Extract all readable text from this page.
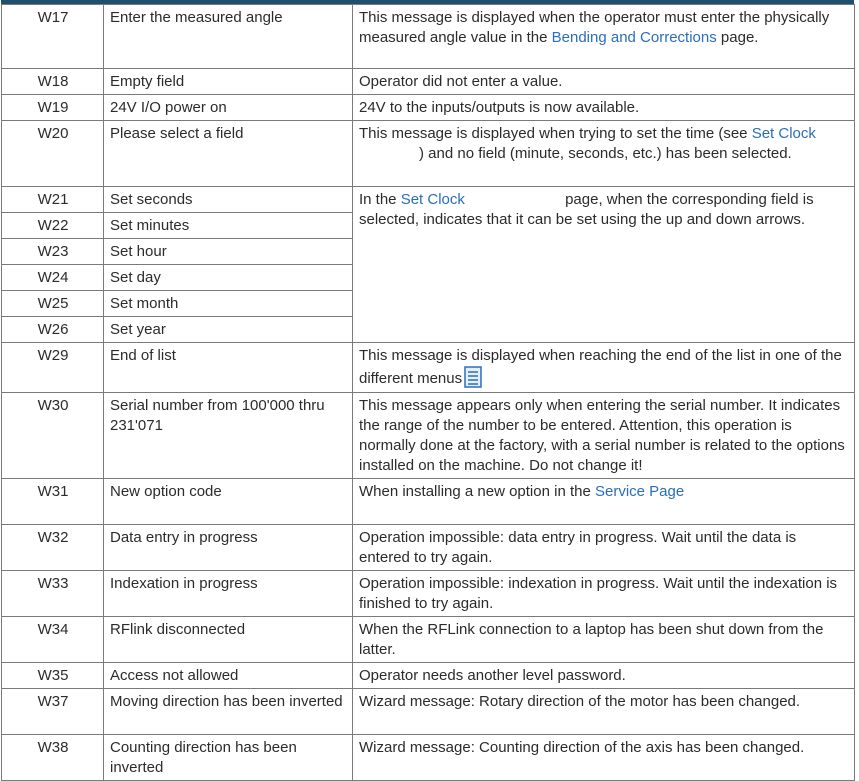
W17	Enter the measured angle	This message is displayed when the operator must enter the physically measured angle value in the Bending and Corrections page.
W18	Empty field	Operator did not enter a value.
W19	24V I/O power on	24V to the inputs/outputs is now available.
W20	Please select a field	This message is displayed when trying to set the time (see Set Clock) and no field (minute, seconds, etc.) has been selected.
W21	Set seconds	In the Set Clock page, when the corresponding field is selected, indicates that it can be set using the up and down arrows.
W22	Set minutes	
W23	Set hour	
W24	Set day	
W25	Set month	
W26	Set year	
W29	End of list	This message is displayed when reaching the end of the list in one of the different menus
W30	Serial number from 100'000 thru 231'071	This message appears only when entering the serial number. It indicates the range of the number to be entered. Attention, this operation is normally done at the factory, with a serial number is related to the options installed on the machine. Do not change it!
W31	New option code	When installing a new option in the Service Page
W32	Data entry in progress	Operation impossible: data entry in progress. Wait until the data is entered to try again.
W33	Indexation in progress	Operation impossible: indexation in progress. Wait until the indexation is finished to try again.
W34	RFlink disconnected	When the RFLink connection to a laptop has been shut down from the latter.
W35	Access not allowed	Operator needs another level password.
W37	Moving direction has been inverted	Wizard message: Rotary direction of the motor has been changed.
W38	Counting direction has been inverted	Wizard message: Counting direction of the axis has been changed.
